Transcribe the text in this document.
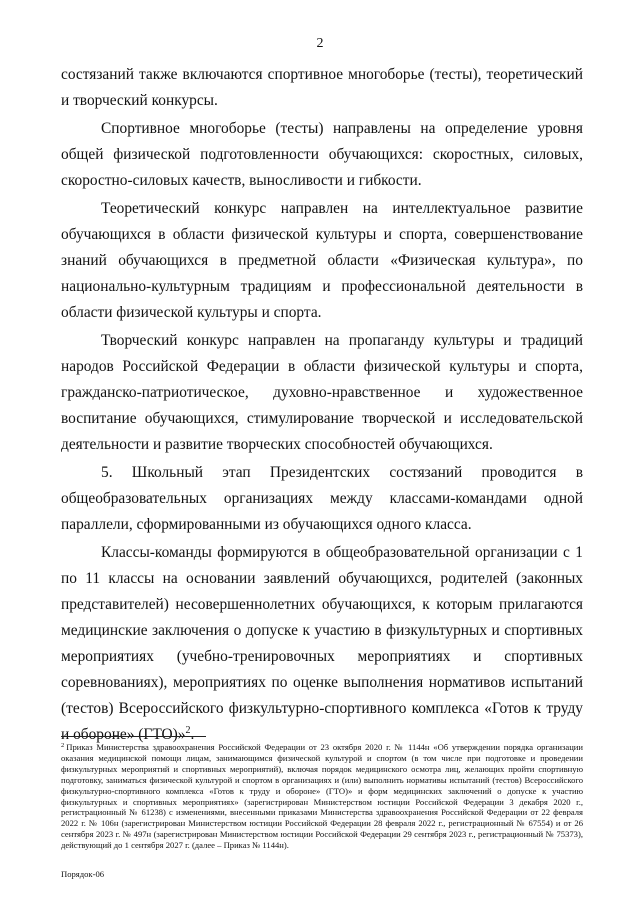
2

состязаний также включаются спортивное многоборье (тесты), теоретический и творческий конкурсы.

Спортивное многоборье (тесты) направлены на определение уровня общей физической подготовленности обучающихся: скоростных, силовых, скоростно-силовых качеств, выносливости и гибкости.

Теоретический конкурс направлен на интеллектуальное развитие обучающихся в области физической культуры и спорта, совершенствование знаний обучающихся в предметной области «Физическая культура», по национально-культурным традициям и профессиональной деятельности в области физической культуры и спорта.

Творческий конкурс направлен на пропаганду культуры и традиций народов Российской Федерации в области физической культуры и спорта, гражданско-патриотическое, духовно-нравственное и художественное воспитание обучающихся, стимулирование творческой и исследовательской деятельности и развитие творческих способностей обучающихся.

5. Школьный этап Президентских состязаний проводится в общеобразовательных организациях между классами-командами одной параллели, сформированными из обучающихся одного класса.

Классы-команды формируются в общеобразовательной организации с 1 по 11 классы на основании заявлений обучающихся, родителей (законных представителей) несовершеннолетних обучающихся, к которым прилагаются медицинские заключения о допуске к участию в физкультурных и спортивных мероприятиях (учебно-тренировочных мероприятиях и спортивных соревнованиях), мероприятиях по оценке выполнения нормативов испытаний (тестов) Всероссийского физкультурно-спортивного комплекса «Готов к труду и обороне» (ГТО)»$^2$.

$^2$ Приказ Министерства здравоохранения Российской Федерации от 23 октября 2020 г. № 1144н «Об утверждении порядка организации оказания медицинской помощи лицам, занимающимся физической культурой и спортом (в том числе при подготовке и проведении физкультурных мероприятий и спортивных мероприятий), включая порядок медицинского осмотра лиц, желающих пройти спортивную подготовку, заниматься физической культурой и спортом в организациях и (или) выполнить нормативы испытаний (тестов) Всероссийского физкультурно-спортивного комплекса «Готов к труду и обороне» (ГТО)» и форм медицинских заключений о допуске к участию физкультурных и спортивных мероприятиях» (зарегистрирован Министерством юстиции Российской Федерации 3 декабря 2020 г., регистрационный № 61238) с изменениями, внесенными приказами Министерства здравоохранения Российской Федерации от 22 февраля 2022 г. № 106н (зарегистрирован Министерством юстиции Российской Федерации 28 февраля 2022 г., регистрационный № 67554) и от 26 сентября 2023 г. № 497н (зарегистрирован Министерством юстиции Российской Федерации 29 сентября 2023 г., регистрационный № 75373), действующий до 1 сентября 2027 г. (далее – Приказ № 1144н).
Порядок-06
